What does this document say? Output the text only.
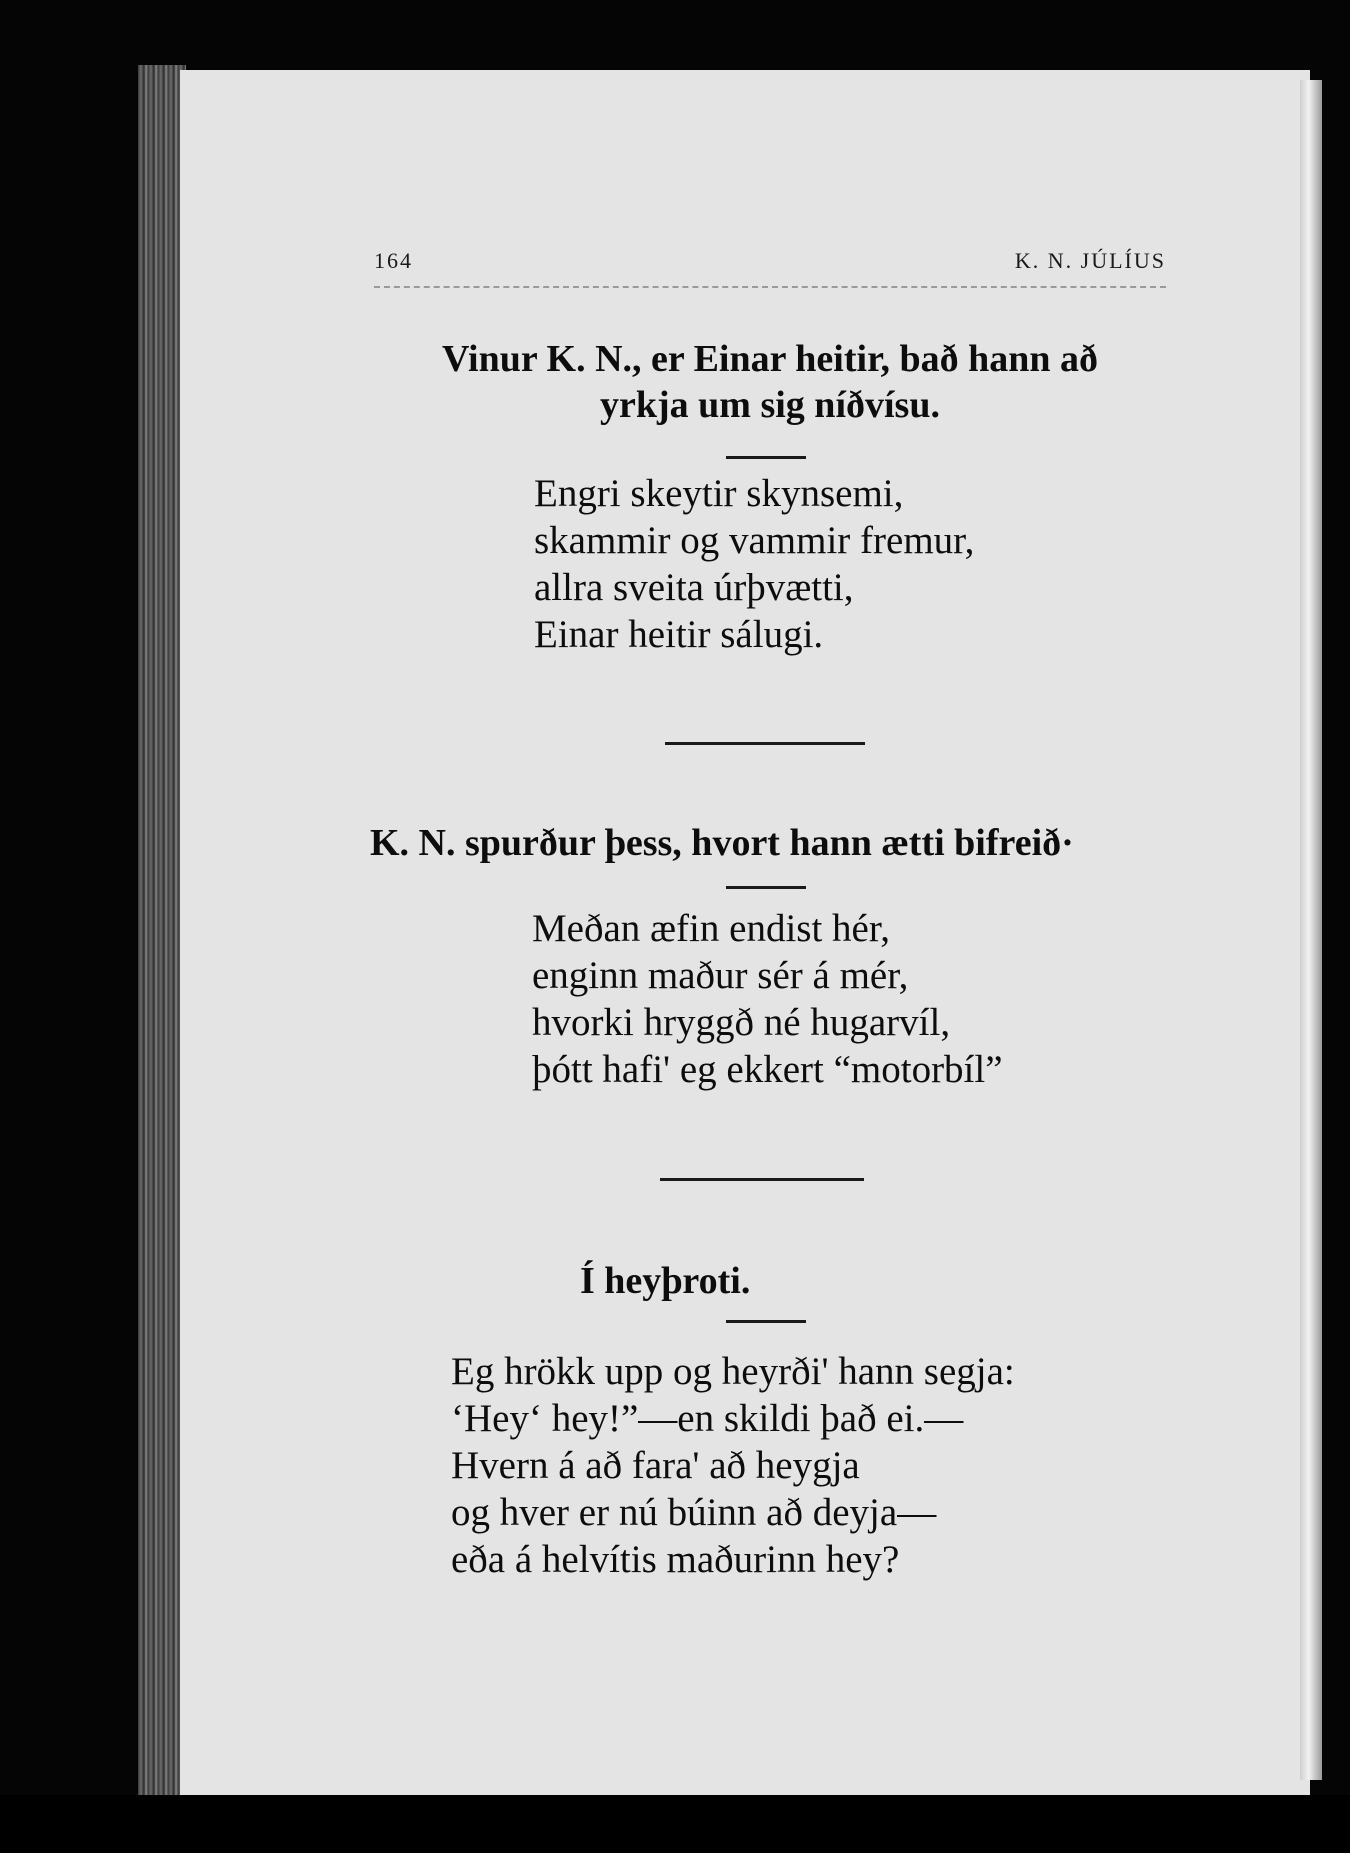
164	K. N. JÚLÍUS
Vinur K. N., er Einar heitir, bað hann að
yrkja um sig níðvísu.
Engri skeytir skynsemi,
skammir og vammir fremur,
allra sveita úrþvætti,
Einar heitir sálugi.
K. N. spurður þess, hvort hann ætti bifreið·
Meðan æfin endist hér,
enginn maður sér á mér,
hvorki hryggð né hugarvíl,
þótt hafi' eg ekkert “motorbíl”
Í heyþroti.
Eg hrökk upp og heyrði' hann segja:
‘Hey‘ hey!”—en skildi það ei.—
Hvern á að fara' að heygja
og hver er nú búinn að deyja—
eða á helvítis maðurinn hey?
